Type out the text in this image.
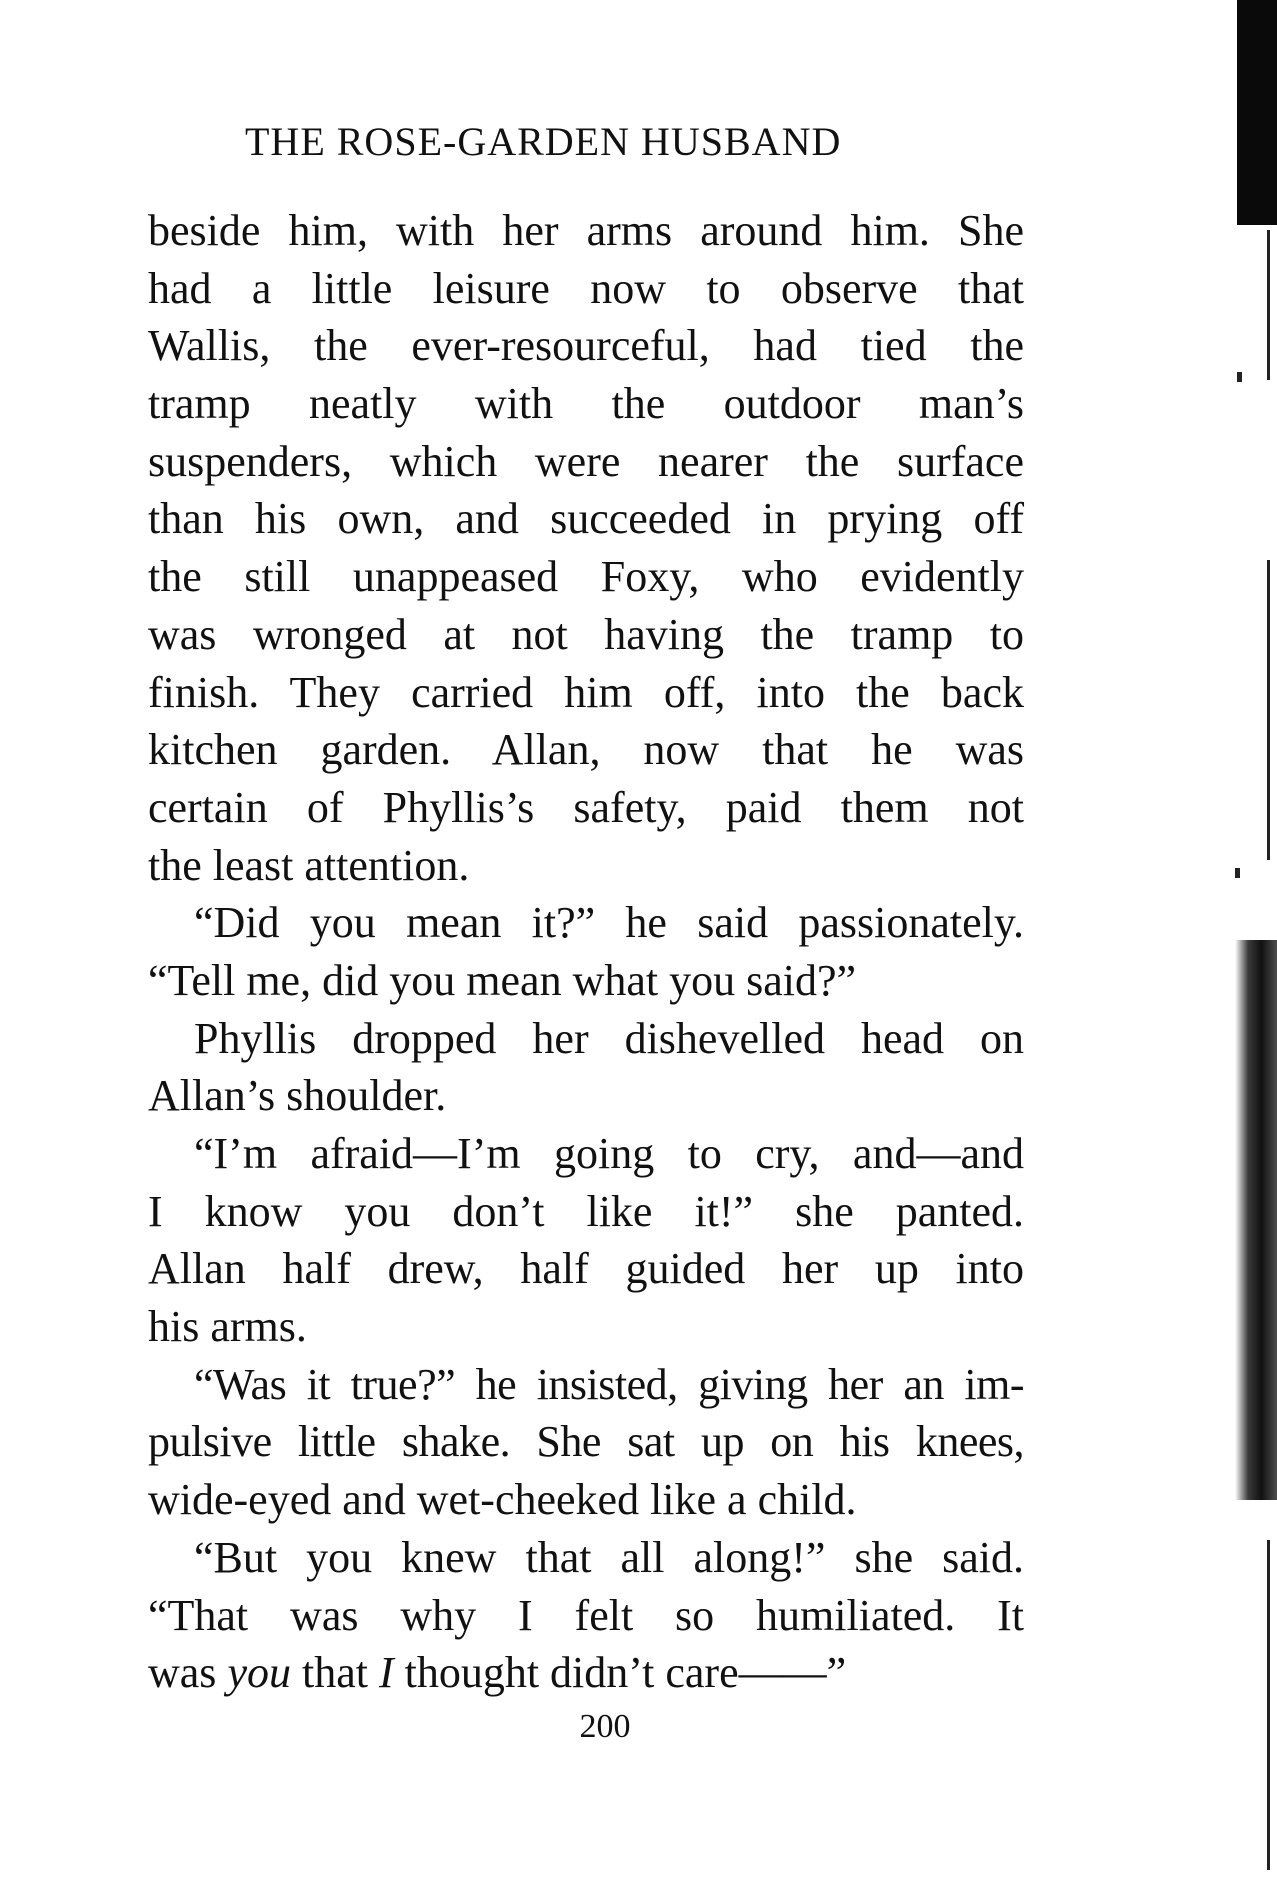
THE ROSE-GARDEN HUSBAND
beside him, with her arms around him. She
had a little leisure now to observe that
Wallis, the ever-resourceful, had tied the
tramp neatly with the outdoor man’s
suspenders, which were nearer the surface
than his own, and succeeded in prying off
the still unappeased Foxy, who evidently
was wronged at not having the tramp to
finish. They carried him off, into the back
kitchen garden. Allan, now that he was
certain of Phyllis’s safety, paid them not
the least attention.
“Did you mean it?” he said passionately.
“Tell me, did you mean what you said?”
Phyllis dropped her dishevelled head on
Allan’s shoulder.
“I’m afraid—I’m going to cry, and—and
I know you don’t like it!” she panted.
Allan half drew, half guided her up into
his arms.
“Was it true?” he insisted, giving her an im-
pulsive little shake. She sat up on his knees,
wide-eyed and wet-cheeked like a child.
“But you knew that all along!” she said.
“That was why I felt so humiliated. It
was you that I thought didn’t care——”
200
